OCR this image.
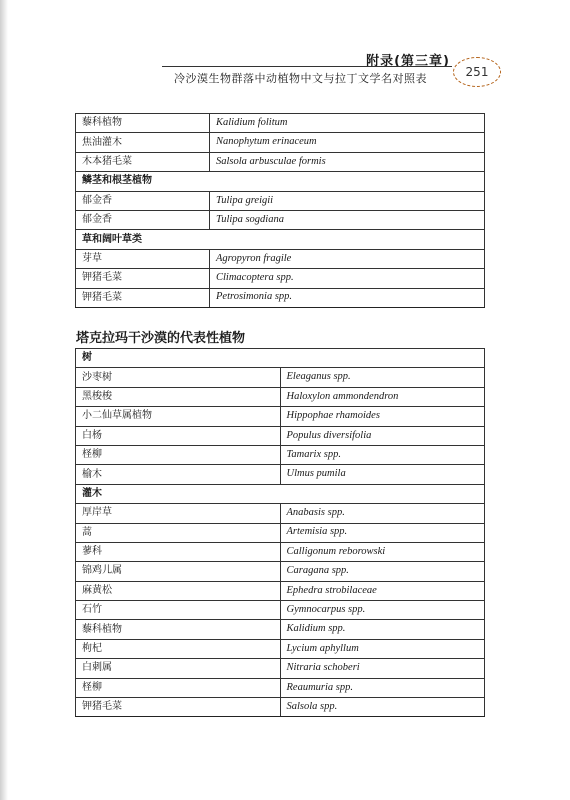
附录(第三章)
冷沙漠生物群落中动植物中文与拉丁文学名对照表	251
藜科植物	Kalidium folitum
焦油灌木	Nanophytum erinaceum
木本猪毛菜	Salsola arbusculae formis
鳞茎和根茎植物	
郁金香	Tulipa greigii
郁金香	Tulipa sogdiana
草和阔叶草类	
芽草	Agropyron fragile
钾猪毛菜	Climacoptera spp.
钾猪毛菜	Petrosimonia spp.
塔克拉玛干沙漠的代表性植物
树	
沙枣树	Eleaganus spp.
黑梭梭	Haloxylon ammondendron
小二仙草属植物	Hippophae rhamoides
白杨	Populus diversifolia
柽柳	Tamarix spp.
榆木	Ulmus pumila
灌木	
厚岸草	Anabasis spp.
蒿	Artemisia spp.
蓼科	Calligonum reborowski
锦鸡儿属	Caragana spp.
麻黄松	Ephedra strobilaceae
石竹	Gymnocarpus spp.
藜科植物	Kalidium spp.
枸杞	Lycium aphyllum
白刺属	Nitraria schoberi
柽柳	Reaumuria spp.
钾猪毛菜	Salsola spp.
